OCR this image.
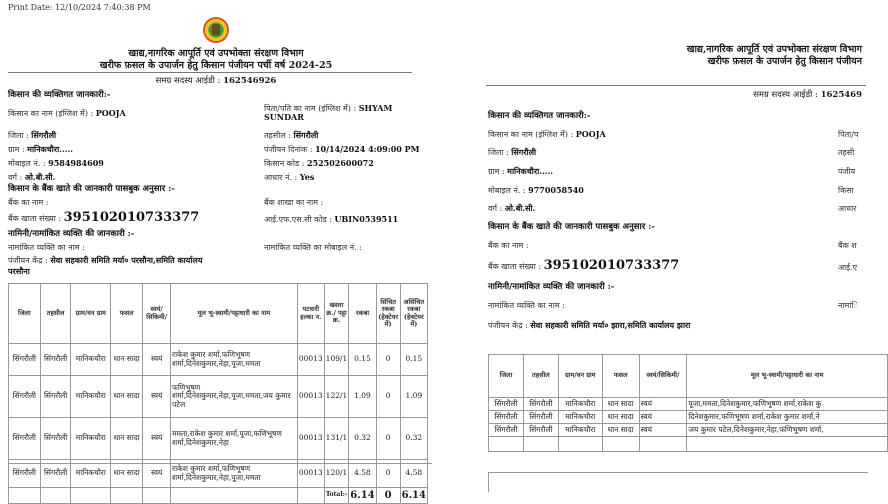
Print Date: 12/10/2024 7:40:38 PM
खाद्य,नागरिक आपूर्ति एवं उपभोक्ता संरक्षण विभाग
खरीफ फ़सल के उपार्जन हेतु किसान पंजीयन पर्ची वर्ष 2024-25
समग्र सदस्य आईडी : 162546926
किसान की व्यक्तिगत जानकारी:-
किसान का नाम (इंग्लिश में) : POOJA	पिता/पति का नाम (इंग्लिश में) : SHYAM SUNDAR
जिला : सिंगरौली	तहसील : सिंगरौली
ग्राम : मानिकचौरा.....	पंजीयन दिनांक : 10/14/2024 4:09:00 PM
मोबाइल नं. : 9584984609	किसान कोड : 252502600072
वर्ग : ओ.बी.सी.	आधार नं. : Yes
किसान के बैंक खाते की जानकारी पासबुक अनुसार :-
बैंक का नाम :	बैंक शाखा का नाम :
बैंक खाता संख्या : 395102010733377	आई.एफ.एस.सी कोड : UBIN0539511
नामिनी/नामांकित व्यक्ति की जानकारी :-
नामांकित व्यक्ति का नाम :	नामांकित व्यक्ति का मोबाइल नं. :
पंजीयन केंद्र : सेवा सहकारी समिति मर्या० परसौना,समिति कार्यालय
परसौना
जिला	तहसील	ग्राम/वन ग्राम	फसल	स्वयं/ सिकिमी/	मूल भू-स्वामी/पट्टाधारी का नाम	पटवारी हल्का न.	खसरा क्र./ पट्टा क्र.	रकबा	सिंचित रकबा (हेक्टेयर में)	असिंचित रकबा (हेक्टेयर में)
सिंगरौली	सिंगरौली	मानिकचौरा	धान सादा	स्वयं	राकेश कुमार शर्मा,फणिभूषण शर्मा,दिनेशकुमार,नेहा,पूजा,ममता	00013	109/1	0.15	0	0.15
सिंगरौली	सिंगरौली	मानिकचौरा	धान सादा	स्वयं	फणिभूषण शर्मा,दिनेशकुमार,नेहा,पूजा,ममता,जय कुमार पटेल	00013	122/1	1.09	0	1.09
सिंगरौली	सिंगरौली	मानिकचौरा	धान सादा	स्वयं	ममता,राकेश कुमार शर्मा,पूजा,फणिभूषण शर्मा,दिनेशकुमार,नेहा	00013	131/1	0.32	0	0.32
सिंगरौली	सिंगरौली	मानिकचौरा	धान सादा	स्वयं	राकेश कुमार शर्मा,फणिभूषण शर्मा,दिनेशकुमार,नेहा,पूजा,ममता	00013	120/1	4.58	0	4.58
							Total:-	6.14	0	6.14
खाद्य,नागरिक आपूर्ति एवं उपभोक्ता संरक्षण विभाग
खरीफ फ़सल के उपार्जन हेतु किसान पंजीयन
समग्र सदस्य आईडी : 1625469
किसान की व्यक्तिगत जानकारी:-
किसान का नाम (इंग्लिश में) : POOJA	पिता/प
जिला : सिंगरौली	तहसी
ग्राम : मानिकचौरा.....	पंजीय
मोबाइल नं. : 9770058540	किसा
वर्ग : ओ.बी.सी.	आधार
किसान के बैंक खाते की जानकारी पासबुक अनुसार :-
बैंक का नाम :	बैंक श
बैंक खाता संख्या : 395102010733377	आई.ए
नामिनी/नामांकित व्यक्ति की जानकारी :-
नामांकित व्यक्ति का नाम :	नामांि
पंजीयन केंद्र : सेवा सहकारी समिति मर्या० झारा,समिति कार्यालय झारा
जिला	तहसील	ग्राम/वन ग्राम	फसल	स्वयं/सिकिमी/	मूल भू-स्वामी/पट्टाधारी का नाम
सिंगरौली	सिंगरौली	मानिकचौरा	धान सादा	स्वयं	पूजा,ममता,दिनेशकुमार,फणिभूषण शर्मा,राकेश कु
सिंगरौली	सिंगरौली	मानिकचौरा	धान सादा	स्वयं	दिनेशकुमार,फणिभूषण शर्मा,राकेश कुमार शर्मा,ने
सिंगरौली	सिंगरौली	मानिकचौरा	धान सादा	स्वयं	जय कुमार पटेल,दिनेशकुमार,नेहा,फणिभूषण शर्मा,
